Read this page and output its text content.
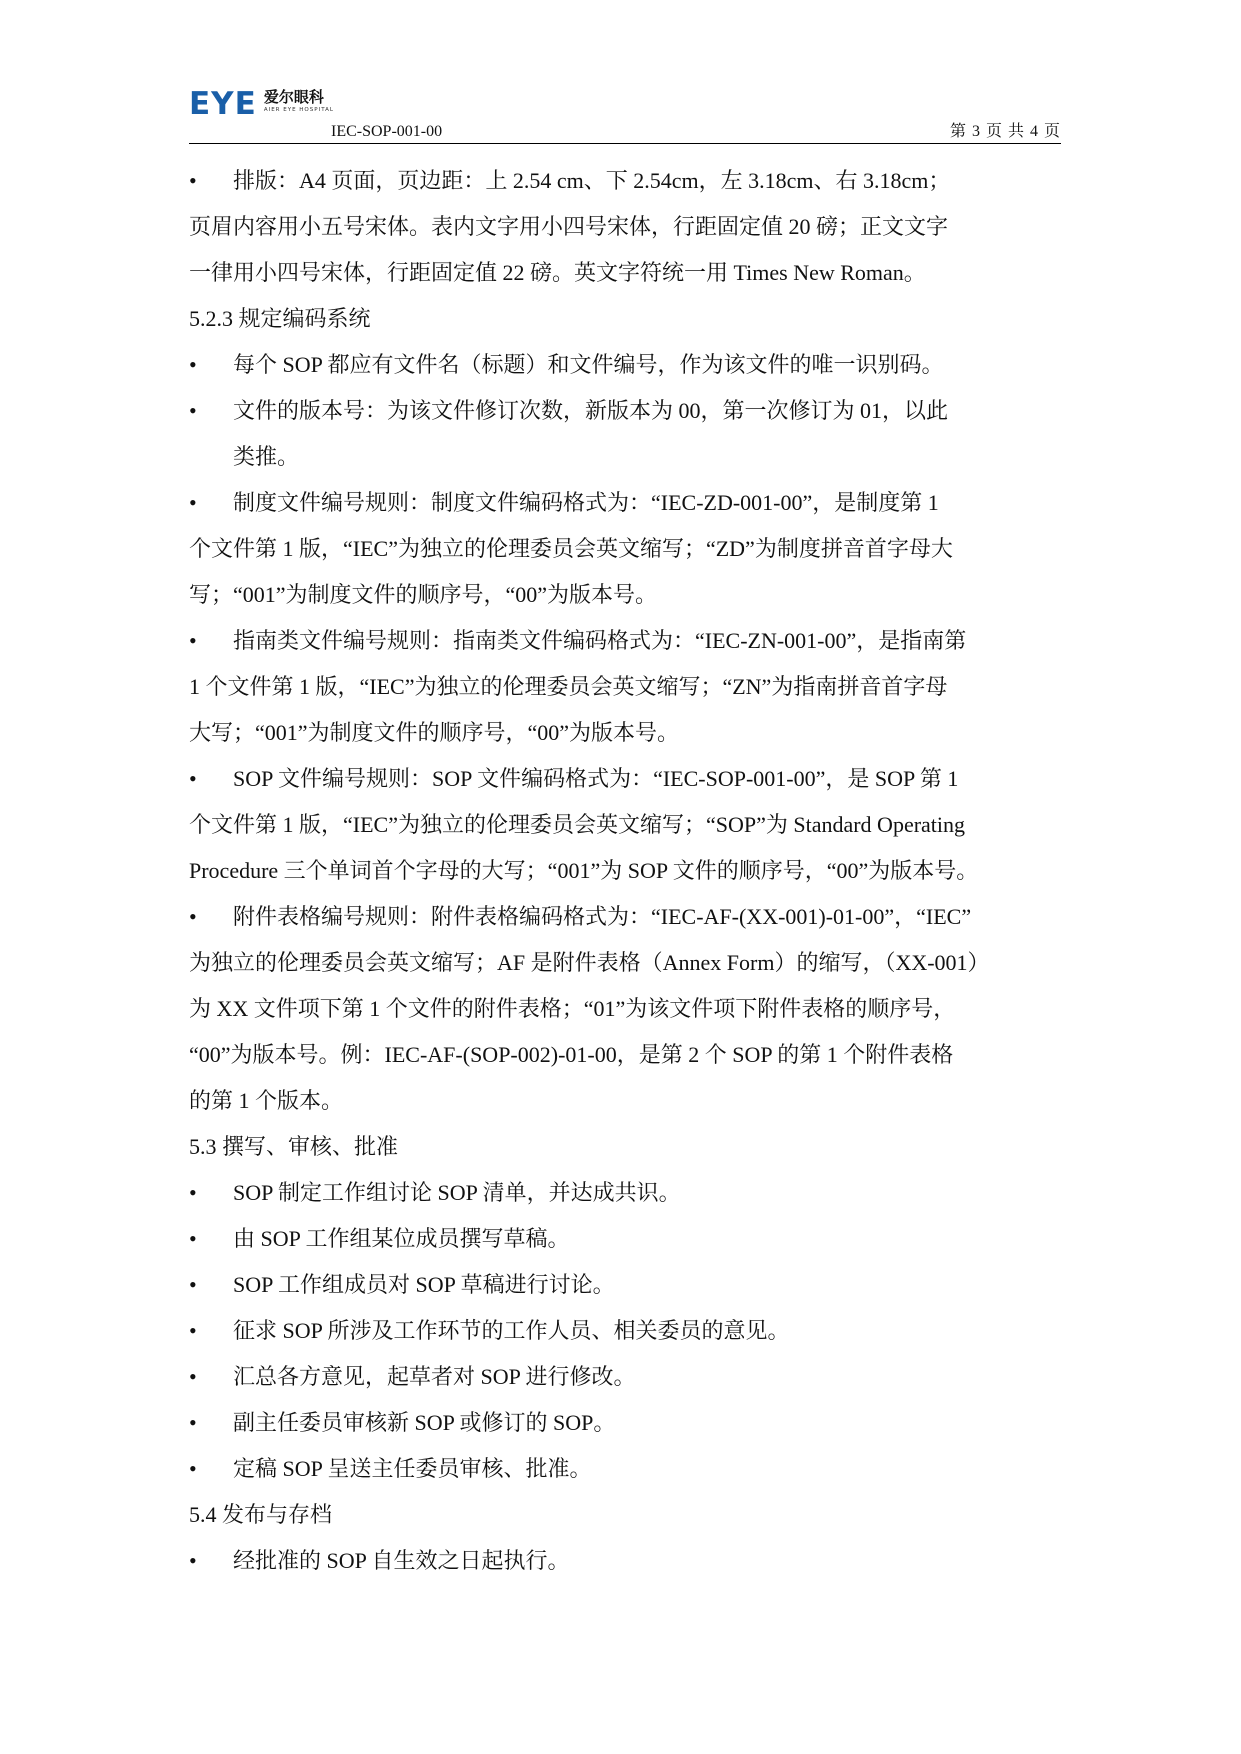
EYE 爱尔眼科
AIER EYE HOSPITAL
IEC-SOP-001-00	第 3 页 共 4 页
• 排版：A4 页面，页边距：上 2.54 cm、下 2.54cm，左 3.18cm、右 3.18cm；
页眉内容用小五号宋体。表内文字用小四号宋体，行距固定值 20 磅；正文文字
一律用小四号宋体，行距固定值 22 磅。英文字符统一用 Times New Roman。
5.2.3 规定编码系统
• 每个 SOP 都应有文件名（标题）和文件编号，作为该文件的唯一识别码。
• 文件的版本号：为该文件修订次数，新版本为 00，第一次修订为 01，以此
类推。
• 制度文件编号规则：制度文件编码格式为：“IEC-ZD-001-00”，是制度第 1
个文件第 1 版，“IEC”为独立的伦理委员会英文缩写；“ZD”为制度拼音首字母大
写；“001”为制度文件的顺序号，“00”为版本号。
• 指南类文件编号规则：指南类文件编码格式为：“IEC-ZN-001-00”，是指南第
1 个文件第 1 版，“IEC”为独立的伦理委员会英文缩写；“ZN”为指南拼音首字母
大写；“001”为制度文件的顺序号，“00”为版本号。
• SOP 文件编号规则：SOP 文件编码格式为：“IEC-SOP-001-00”，是 SOP 第 1
个文件第 1 版，“IEC”为独立的伦理委员会英文缩写；“SOP”为 Standard Operating
Procedure 三个单词首个字母的大写；“001”为 SOP 文件的顺序号，“00”为版本号。
• 附件表格编号规则：附件表格编码格式为：“IEC-AF-(XX-001)-01-00”，“IEC”
为独立的伦理委员会英文缩写；AF 是附件表格（Annex Form）的缩写，（XX-001）
为 XX 文件项下第 1 个文件的附件表格；“01”为该文件项下附件表格的顺序号，
“00”为版本号。例：IEC-AF-(SOP-002)-01-00，是第 2 个 SOP 的第 1 个附件表格
的第 1 个版本。
5.3 撰写、审核、批准
• SOP 制定工作组讨论 SOP 清单，并达成共识。
• 由 SOP 工作组某位成员撰写草稿。
• SOP 工作组成员对 SOP 草稿进行讨论。
• 征求 SOP 所涉及工作环节的工作人员、相关委员的意见。
• 汇总各方意见，起草者对 SOP 进行修改。
• 副主任委员审核新 SOP 或修订的 SOP。
• 定稿 SOP 呈送主任委员审核、批准。
5.4 发布与存档
• 经批准的 SOP 自生效之日起执行。
